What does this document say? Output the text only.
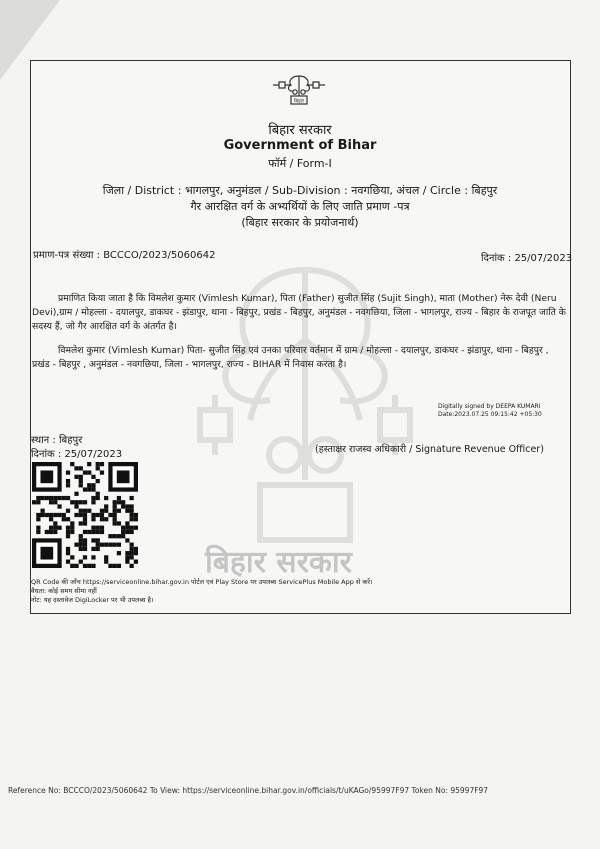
बिहार
बिहार सरकार
बिहार सरकार
Government of Bihar
फॉर्म / Form-I
जिला / District : भागलपुर, अनुमंडल / Sub-Division : नवगछिया, अंचल / Circle : बिहपुर
गैर आरक्षित वर्ग के अभ्यर्थियों के लिए जाति प्रमाण -पत्र
(बिहार सरकार के प्रयोजनार्थ)
प्रमाण-पत्र संख्या : BCCCO/2023/5060642	दिनांक : 25/07/2023
प्रमाणित किया जाता है कि विमलेश कुमार (Vimlesh Kumar), पिता (Father) सुजीत सिंह (Sujit Singh), माता (Mother) नेरू देवी (Neru Devi),ग्राम / मोहल्ला - दयालपुर, डाकघर - झंडापुर, थाना - बिहपुर, प्रखंड - बिहपुर, अनुमंडल - नवगछिया, जिला - भागलपुर, राज्य - बिहार के राजपूत जाति के सदस्य हैं, जो गैर आरक्षित वर्ग के अंतर्गत है।
विमलेश कुमार (Vimlesh Kumar) पिता- सुजीत सिंह एवं उनका परिवार वर्तमान में ग्राम / मोहल्ला - दयालपुर, डाकघर - झंडापुर, थाना - बिहपुर , प्रखंड - बिहपुर , अनुमंडल - नवगछिया, जिला - भागलपुर, राज्य - BIHAR में निवास करता है।
Digitally signed by DEEPA KUMARI
Date:2023.07.25 09:15:42 +05:30
(हस्ताक्षर राजस्व अधिकारी / Signature Revenue Officer)
स्थान : बिहपुर
दिनांक : 25/07/2023
QR Code की जाँच https://serviceonline.bihar.gov.in पोर्टल एवं Play Store पर उपलब्ध ServicePlus Mobile App से करें।
वैधता: कोई समय सीमा नहीं
नोट: यह दस्तावेज DigiLocker पर भी उपलब्ध है।
Reference No: BCCCO/2023/5060642 To View: https://serviceonline.bihar.gov.in/officials/t/uKAGo/95997F97 Token No: 95997F97
